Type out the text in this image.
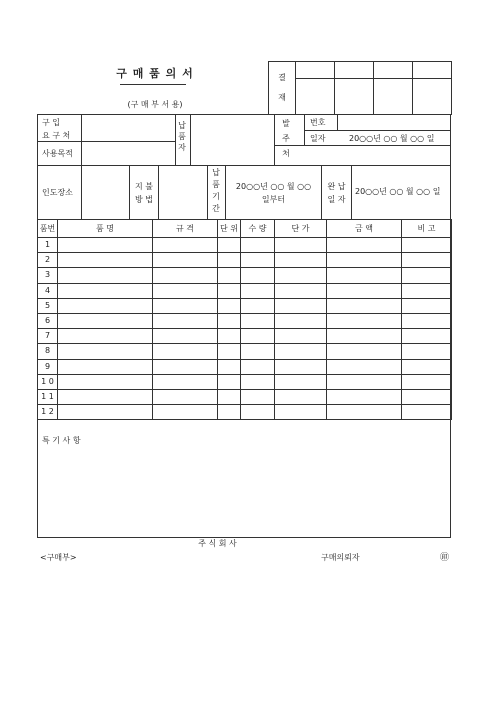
구 매 품 의 서
(구 매 부 서 용)
결

재				

구 입
요 구 처
사용목적
납
품
자
발
주
처
번호
일자	20○○년 ○○ 월 ○○ 일
인도장소
지 불
방 법
납
품
기
간
20○○년 ○○ 월 ○○
일부터
완 납
일 자
20○○년 ○○ 월 ○○ 일
품번	품 명	규 격	단 위	수 량	단 가	금 액	비 고
1							
2							
3							
4							
5							
6							
7							
8							
9							
1 0							
1 1							
1 2							
특 기 사 항
주 식 회 사
<구매부>	구매의뢰자	㊞
